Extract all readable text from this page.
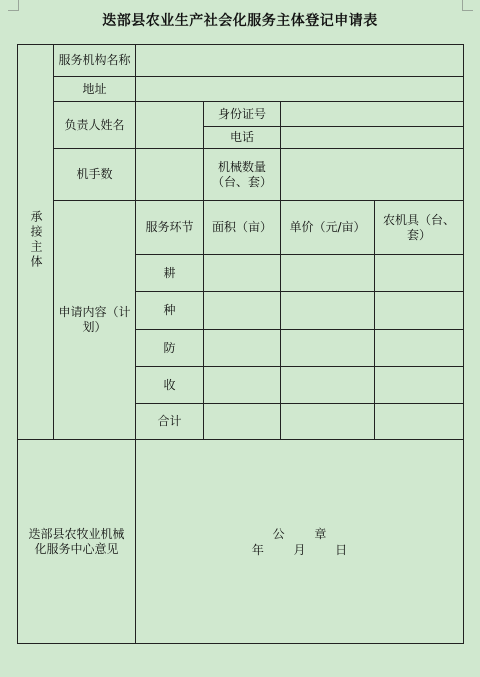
迭部县农业生产社会化服务主体登记申请表
承接主体	服务机构名称				
	地址				
	负责人姓名		身份证号		
			电话		
	机手数		机械数量（台、套）		
	申请内容（计划）	服务环节	面积（亩）	单价（元/亩）	农机具（台、套）
		耕			
		种			
		防			
		收			
		合计			
迭部县农牧业机械化服务中心意见		公 章
年 月 日			
